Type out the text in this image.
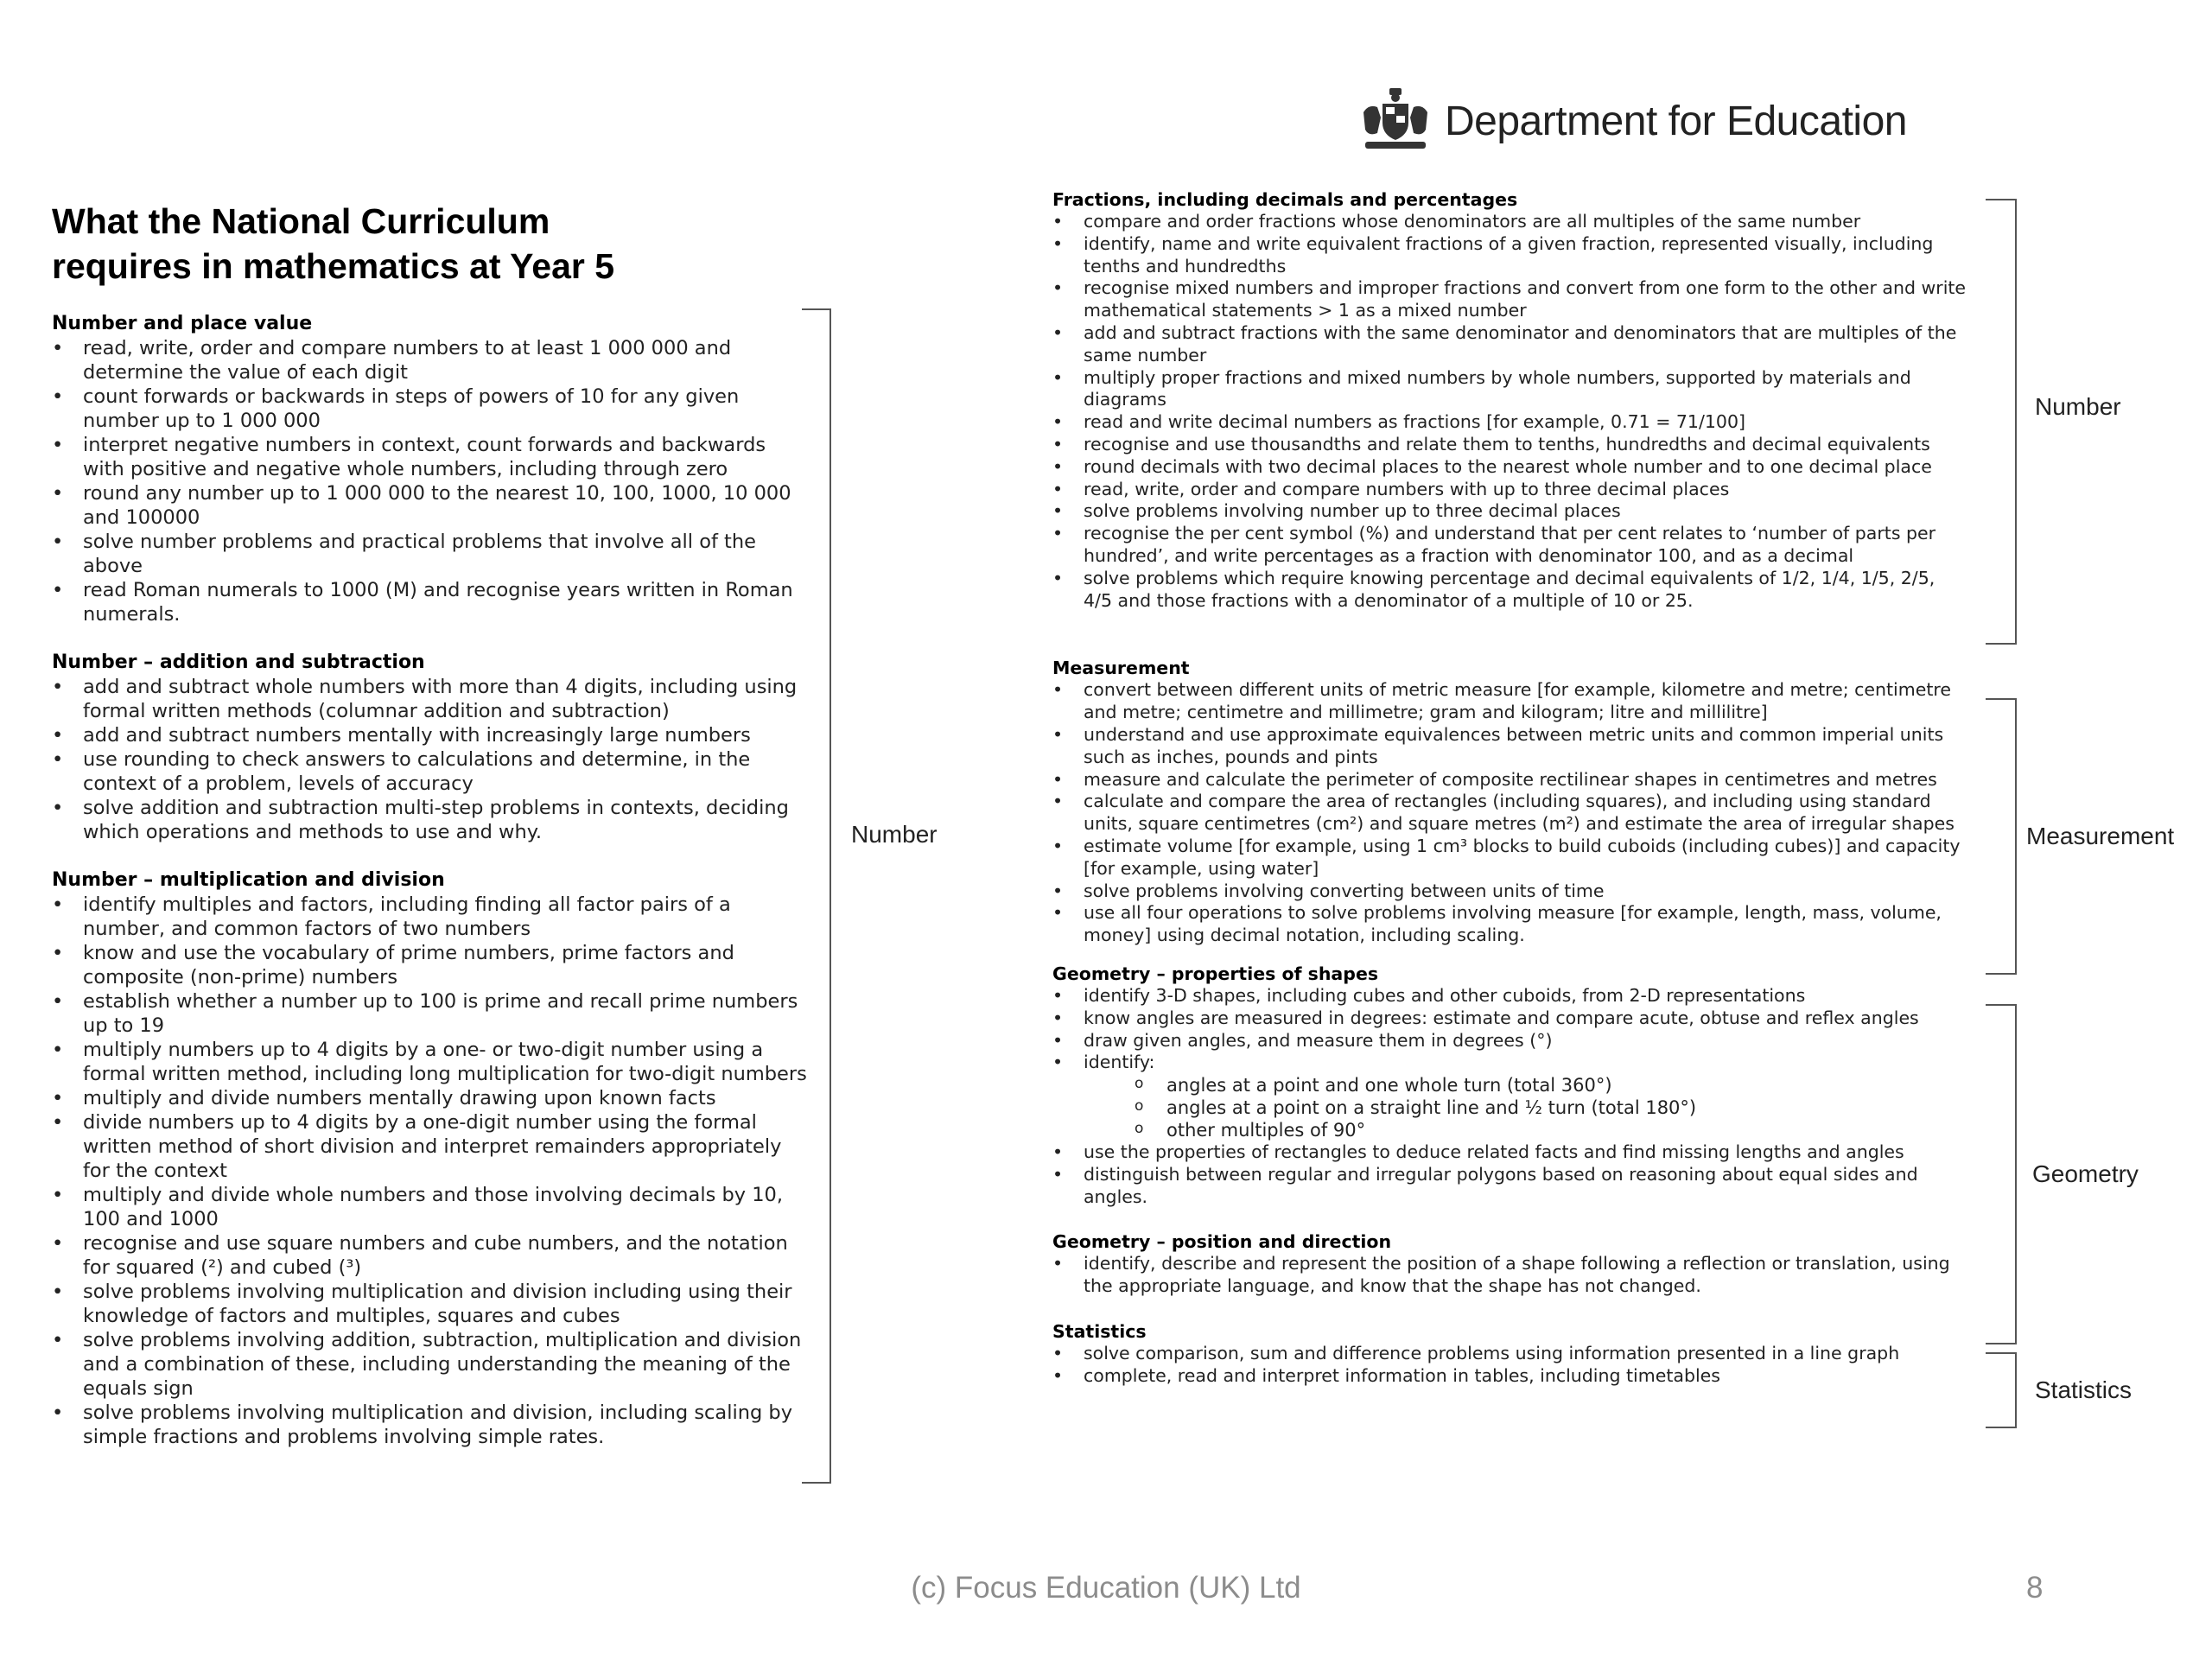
Department for Education
What the National Curriculum
requires in mathematics at Year 5
Number and place value
• read, write, order and compare numbers to at least 1 000 000 and determine the value of each digit
• count forwards or backwards in steps of powers of 10 for any given number up to 1 000 000
• interpret negative numbers in context, count forwards and backwards with positive and negative whole numbers, including through zero
• round any number up to 1 000 000 to the nearest 10, 100, 1000, 10 000 and 100000
• solve number problems and practical problems that involve all of the above
• read Roman numerals to 1000 (M) and recognise years written in Roman numerals.
Number – addition and subtraction
• add and subtract whole numbers with more than 4 digits, including using formal written methods (columnar addition and subtraction)
• add and subtract numbers mentally with increasingly large numbers
• use rounding to check answers to calculations and determine, in the context of a problem, levels of accuracy
• solve addition and subtraction multi-step problems in contexts, deciding which operations and methods to use and why.
Number – multiplication and division
• identify multiples and factors, including finding all factor pairs of a number, and common factors of two numbers
• know and use the vocabulary of prime numbers, prime factors and composite (non-prime) numbers
• establish whether a number up to 100 is prime and recall prime numbers up to 19
• multiply numbers up to 4 digits by a one- or two-digit number using a formal written method, including long multiplication for two-digit numbers
• multiply and divide numbers mentally drawing upon known facts
• divide numbers up to 4 digits by a one-digit number using the formal written method of short division and interpret remainders appropriately for the context
• multiply and divide whole numbers and those involving decimals by 10, 100 and 1000
• recognise and use square numbers and cube numbers, and the notation for squared (²) and cubed (³)
• solve problems involving multiplication and division including using their knowledge of factors and multiples, squares and cubes
• solve problems involving addition, subtraction, multiplication and division and a combination of these, including understanding the meaning of the equals sign
• solve problems involving multiplication and division, including scaling by simple fractions and problems involving simple rates.
Number
Fractions, including decimals and percentages
• compare and order fractions whose denominators are all multiples of the same number
• identify, name and write equivalent fractions of a given fraction, represented visually, including tenths and hundredths
• recognise mixed numbers and improper fractions and convert from one form to the other and write mathematical statements > 1 as a mixed number
• add and subtract fractions with the same denominator and denominators that are multiples of the same number
• multiply proper fractions and mixed numbers by whole numbers, supported by materials and diagrams
• read and write decimal numbers as fractions [for example, 0.71 = 71/100]
• recognise and use thousandths and relate them to tenths, hundredths and decimal equivalents
• round decimals with two decimal places to the nearest whole number and to one decimal place
• read, write, order and compare numbers with up to three decimal places
• solve problems involving number up to three decimal places
• recognise the per cent symbol (%) and understand that per cent relates to ‘number of parts per hundred’, and write percentages as a fraction with denominator 100, and as a decimal
• solve problems which require knowing percentage and decimal equivalents of 1/2, 1/4, 1/5, 2/5, 4/5 and those fractions with a denominator of a multiple of 10 or 25.
Measurement
• convert between different units of metric measure [for example, kilometre and metre; centimetre and metre; centimetre and millimetre; gram and kilogram; litre and millilitre]
• understand and use approximate equivalences between metric units and common imperial units such as inches, pounds and pints
• measure and calculate the perimeter of composite rectilinear shapes in centimetres and metres
• calculate and compare the area of rectangles (including squares), and including using standard units, square centimetres (cm²) and square metres (m²) and estimate the area of irregular shapes
• estimate volume [for example, using 1 cm³ blocks to build cuboids (including cubes)] and capacity [for example, using water]
• solve problems involving converting between units of time
• use all four operations to solve problems involving measure [for example, length, mass, volume, money] using decimal notation, including scaling.
Geometry – properties of shapes
• identify 3-D shapes, including cubes and other cuboids, from 2-D representations
• know angles are measured in degrees: estimate and compare acute, obtuse and reflex angles
• draw given angles, and measure them in degrees (°)
• identify:
o angles at a point and one whole turn (total 360°)
o angles at a point on a straight line and ½ turn (total 180°)
o other multiples of 90°
• use the properties of rectangles to deduce related facts and find missing lengths and angles
• distinguish between regular and irregular polygons based on reasoning about equal sides and angles.
Geometry – position and direction
• identify, describe and represent the position of a shape following a reflection or translation, using the appropriate language, and know that the shape has not changed.
Statistics
• solve comparison, sum and difference problems using information presented in a line graph
• complete, read and interpret information in tables, including timetables
Number
Measurement
Geometry
Statistics
(c) Focus Education (UK) Ltd	8
